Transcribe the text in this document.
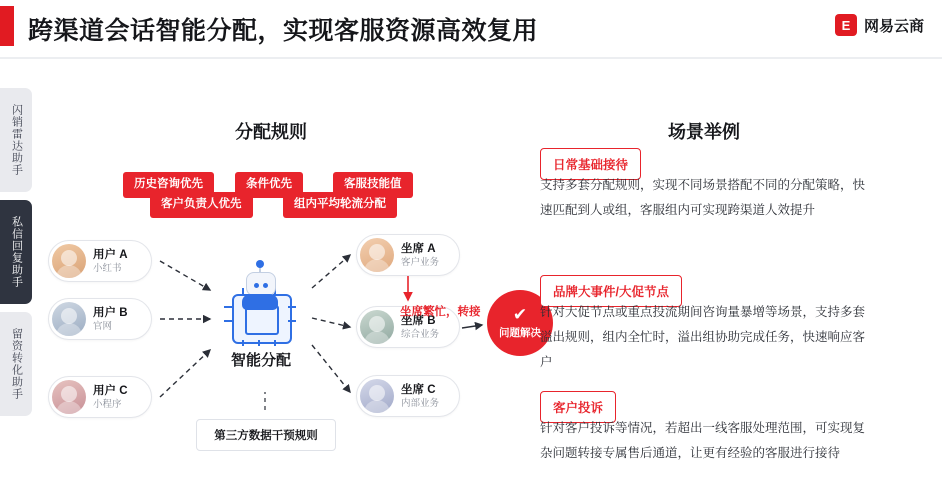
跨渠道会话智能分配，实现客服资源高效复用	E 网易云商
闪销雷达助手
私信回复助手
留资转化助手
分配规则
历史咨询优先	条件优先	客服技能值
客户负责人优先	组内平均轮流分配
用户 A
小红书
用户 B
官网
用户 C
小程序
智能分配
坐席 A
客户业务
坐席 B
综合业务
坐席 C
内部业务
坐席繁忙，转接 ✔
问题解决
第三方数据干预规则
场景举例
日常基础接待
支持多套分配规则，实现不同场景搭配不同的分配策略，快速匹配到人或组，客服组内可实现跨渠道人效提升
品牌大事件/大促节点
针对大促节点或重点投流期间咨询量暴增等场景，支持多套溢出规则，组内全忙时，溢出组协助完成任务，快速响应客户
客户投诉
针对客户投诉等情况，若超出一线客服处理范围，可实现复杂问题转接专属售后通道，让更有经验的客服进行接待
